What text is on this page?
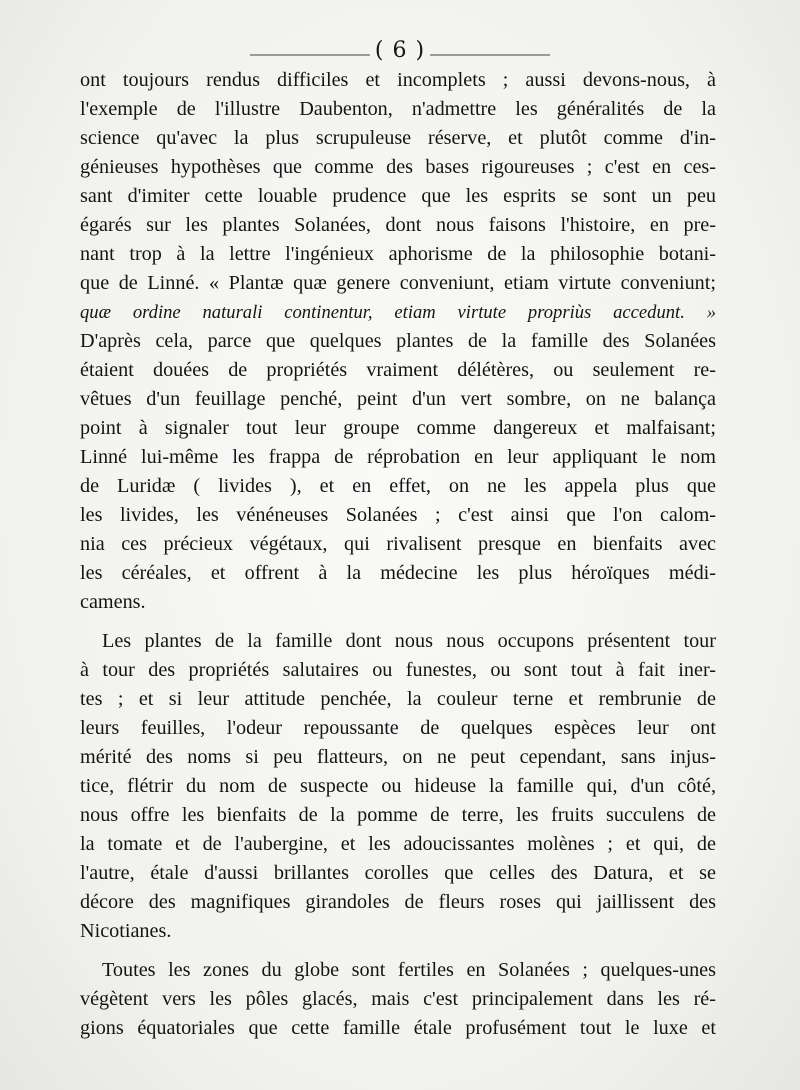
( 6 )
ont toujours rendus difficiles et incomplets ; aussi devons-nous, à
l'exemple de l'illustre Daubenton, n'admettre les généralités de la
science qu'avec la plus scrupuleuse réserve, et plutôt comme d'in-
génieuses hypothèses que comme des bases rigoureuses ; c'est en ces-
sant d'imiter cette louable prudence que les esprits se sont un peu
égarés sur les plantes Solanées, dont nous faisons l'histoire, en pre-
nant trop à la lettre l'ingénieux aphorisme de la philosophie botani-
que de Linné. « Plantæ quæ genere conveniunt, etiam virtute conveniunt;
quæ ordine naturali continentur, etiam virtute propriùs accedunt. »
D'après cela, parce que quelques plantes de la famille des Solanées
étaient douées de propriétés vraiment délétères, ou seulement re-
vêtues d'un feuillage penché, peint d'un vert sombre, on ne balança
point à signaler tout leur groupe comme dangereux et malfaisant;
Linné lui-même les frappa de réprobation en leur appliquant le nom
de Luridæ ( livides ), et en effet, on ne les appela plus que
les livides, les vénéneuses Solanées ; c'est ainsi que l'on calom-
nia ces précieux végétaux, qui rivalisent presque en bienfaits avec
les céréales, et offrent à la médecine les plus héroïques médi-
camens.
Les plantes de la famille dont nous nous occupons présentent tour
à tour des propriétés salutaires ou funestes, ou sont tout à fait iner-
tes ; et si leur attitude penchée, la couleur terne et rembrunie de
leurs feuilles, l'odeur repoussante de quelques espèces leur ont
mérité des noms si peu flatteurs, on ne peut cependant, sans injus-
tice, flétrir du nom de suspecte ou hideuse la famille qui, d'un côté,
nous offre les bienfaits de la pomme de terre, les fruits succulens de
la tomate et de l'aubergine, et les adoucissantes molènes ; et qui, de
l'autre, étale d'aussi brillantes corolles que celles des Datura, et se
décore des magnifiques girandoles de fleurs roses qui jaillissent des
Nicotianes.
Toutes les zones du globe sont fertiles en Solanées ; quelques-unes
végètent vers les pôles glacés, mais c'est principalement dans les ré-
gions équatoriales que cette famille étale profusément tout le luxe et
